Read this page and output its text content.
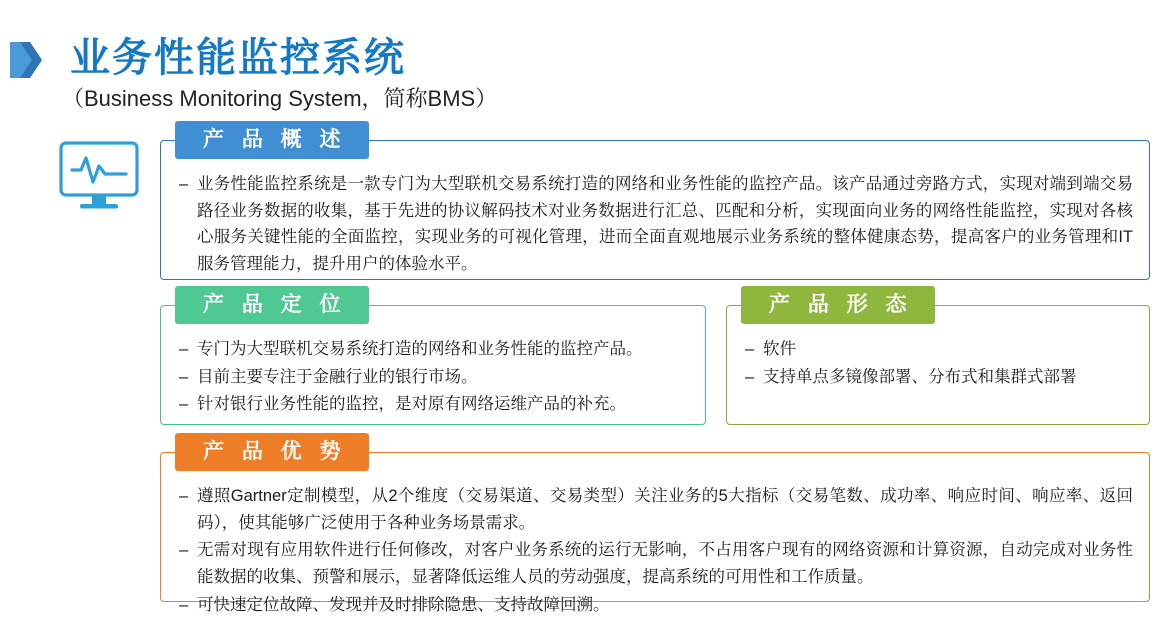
业务性能监控系统
（Business Monitoring System，简称BMS）
产 品 概 述
– 业务性能监控系统是一款专门为大型联机交易系统打造的网络和业务性能的监控产品。该产品通过旁路方式，实现对端到端交易路径业务数据的收集，基于先进的协议解码技术对业务数据进行汇总、匹配和分析，实现面向业务的网络性能监控，实现对各核心服务关键性能的全面监控，实现业务的可视化管理，进而全面直观地展示业务系统的整体健康态势，提高客户的业务管理和IT服务管理能力，提升用户的体验水平。
产 品 定 位
– 专门为大型联机交易系统打造的网络和业务性能的监控产品。
– 目前主要专注于金融行业的银行市场。
– 针对银行业务性能的监控，是对原有网络运维产品的补充。
产 品 形 态
– 软件
– 支持单点多镜像部署、分布式和集群式部署
产 品 优 势
– 遵照Gartner定制模型，从2个维度（交易渠道、交易类型）关注业务的5大指标（交易笔数、成功率、响应时间、响应率、返回码），使其能够广泛使用于各种业务场景需求。
– 无需对现有应用软件进行任何修改，对客户业务系统的运行无影响，不占用客户现有的网络资源和计算资源，自动完成对业务性能数据的收集、预警和展示，显著降低运维人员的劳动强度，提高系统的可用性和工作质量。
– 可快速定位故障、发现并及时排除隐患、支持故障回溯。
